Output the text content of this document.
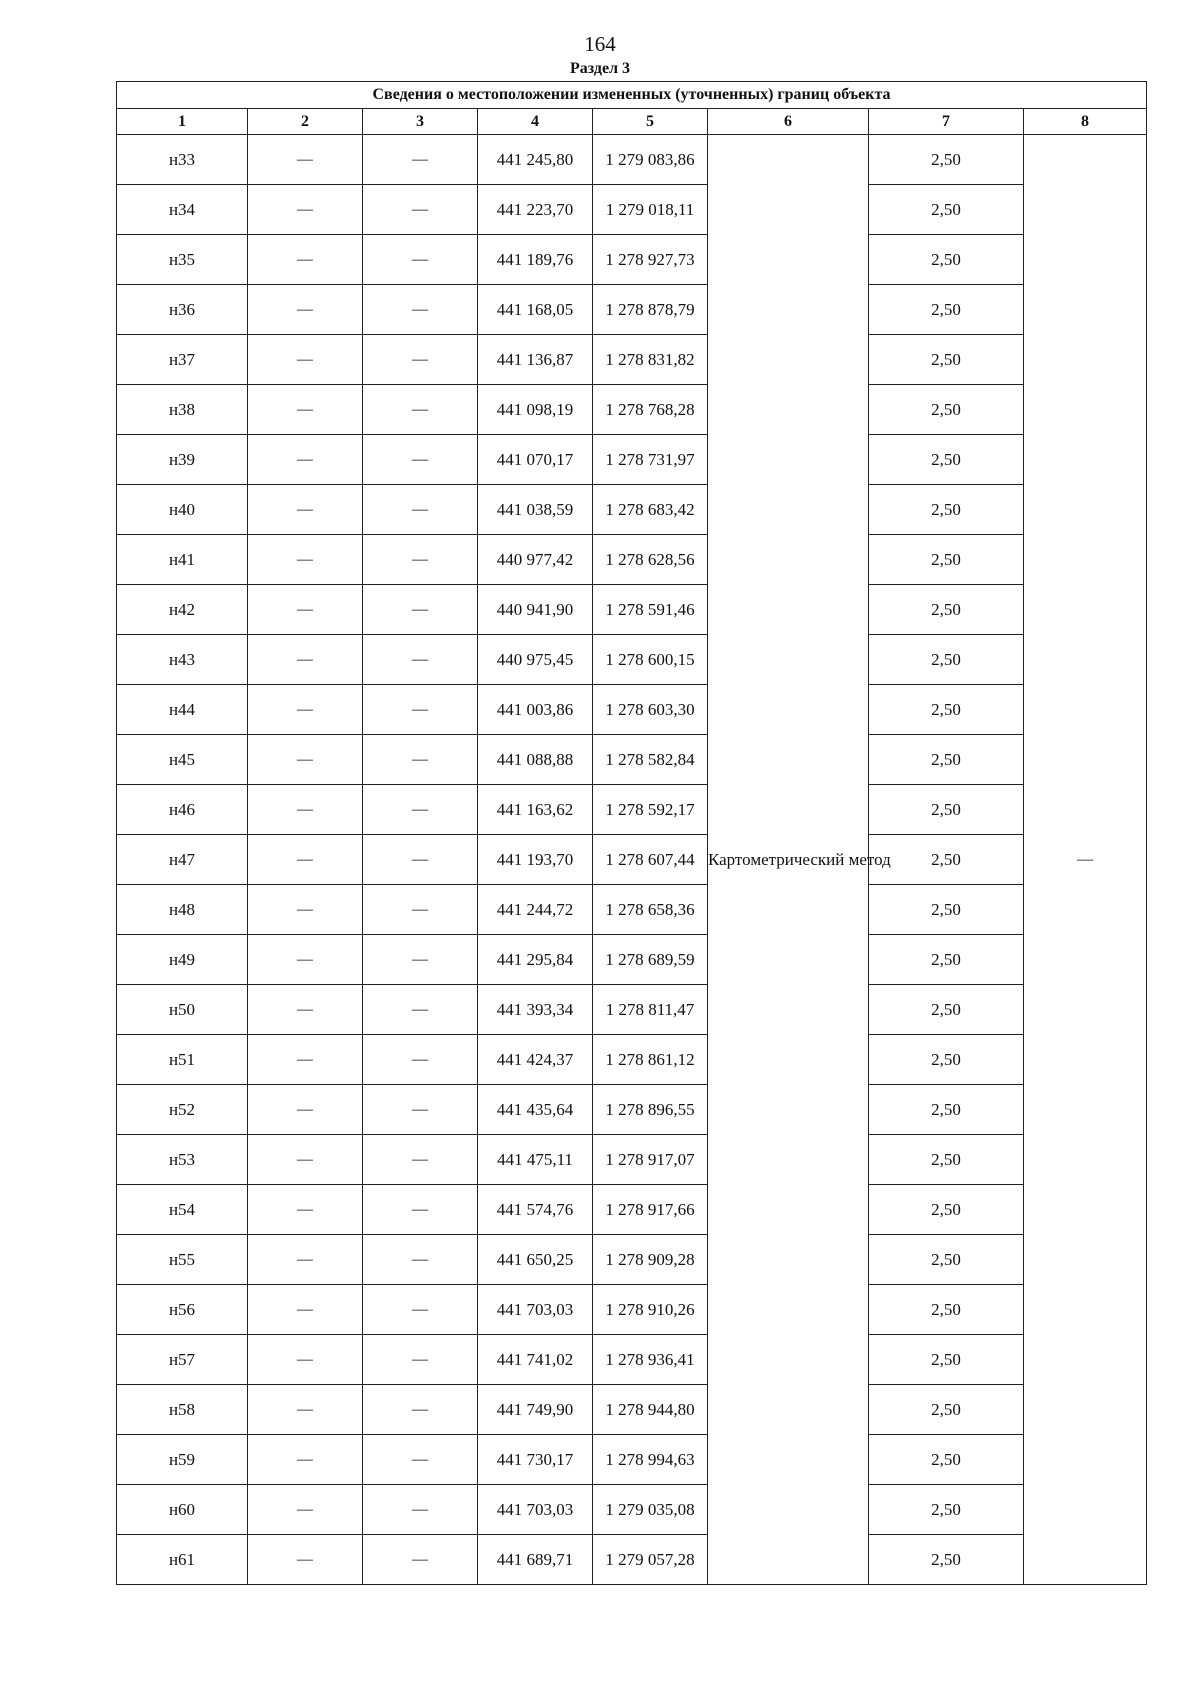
164
Раздел 3
Сведения о местоположении измененных (уточненных) границ объекта							
1	2	3	4	5	6	7	8
н33	—	—	441 245,80	1 279 083,86	Картометрический метод	2,50	—
н34	—	—	441 223,70	1 279 018,11		2,50	
н35	—	—	441 189,76	1 278 927,73		2,50	
н36	—	—	441 168,05	1 278 878,79		2,50	
н37	—	—	441 136,87	1 278 831,82		2,50	
н38	—	—	441 098,19	1 278 768,28		2,50	
н39	—	—	441 070,17	1 278 731,97		2,50	
н40	—	—	441 038,59	1 278 683,42		2,50	
н41	—	—	440 977,42	1 278 628,56		2,50	
н42	—	—	440 941,90	1 278 591,46		2,50	
н43	—	—	440 975,45	1 278 600,15		2,50	
н44	—	—	441 003,86	1 278 603,30		2,50	
н45	—	—	441 088,88	1 278 582,84		2,50	
н46	—	—	441 163,62	1 278 592,17		2,50	
н47	—	—	441 193,70	1 278 607,44		2,50	
н48	—	—	441 244,72	1 278 658,36		2,50	
н49	—	—	441 295,84	1 278 689,59		2,50	
н50	—	—	441 393,34	1 278 811,47		2,50	
н51	—	—	441 424,37	1 278 861,12		2,50	
н52	—	—	441 435,64	1 278 896,55		2,50	
н53	—	—	441 475,11	1 278 917,07		2,50	
н54	—	—	441 574,76	1 278 917,66		2,50	
н55	—	—	441 650,25	1 278 909,28		2,50	
н56	—	—	441 703,03	1 278 910,26		2,50	
н57	—	—	441 741,02	1 278 936,41		2,50	
н58	—	—	441 749,90	1 278 944,80		2,50	
н59	—	—	441 730,17	1 278 994,63		2,50	
н60	—	—	441 703,03	1 279 035,08		2,50	
н61	—	—	441 689,71	1 279 057,28		2,50	
